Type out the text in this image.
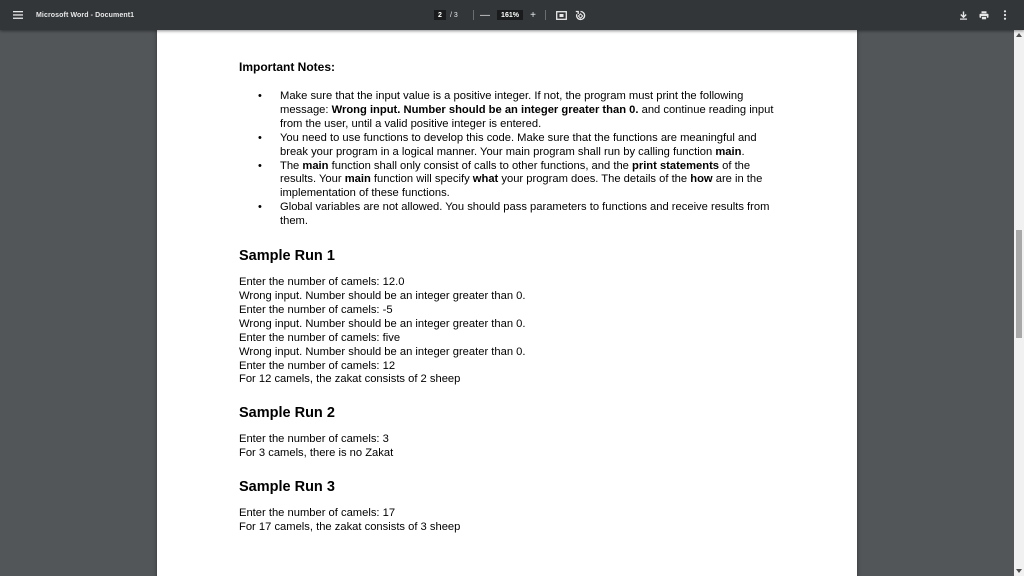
Microsoft Word - Document1	2	/
3 —	161%	+
Important Notes:
• Make sure that the input value is a positive integer. If not, the program must print the following message: Wrong input. Number should be an integer greater than 0. and continue reading input from the user, until a valid positive integer is entered.
• You need to use functions to develop this code. Make sure that the functions are meaningful and break your program in a logical manner. Your main program shall run by calling function main.
• The main function shall only consist of calls to other functions, and the print statements of the results. Your main function will specify what your program does. The details of the how are in the implementation of these functions.
• Global variables are not allowed. You should pass parameters to functions and receive results from them.
Sample Run 1
Enter the number of camels: 12.0
Wrong input. Number should be an integer greater than 0.
Enter the number of camels: -5
Wrong input. Number should be an integer greater than 0.
Enter the number of camels: five
Wrong input. Number should be an integer greater than 0.
Enter the number of camels: 12
For 12 camels, the zakat consists of 2 sheep
Sample Run 2
Enter the number of camels: 3
For 3 camels, there is no Zakat
Sample Run 3
Enter the number of camels: 17
For 17 camels, the zakat consists of 3 sheep
